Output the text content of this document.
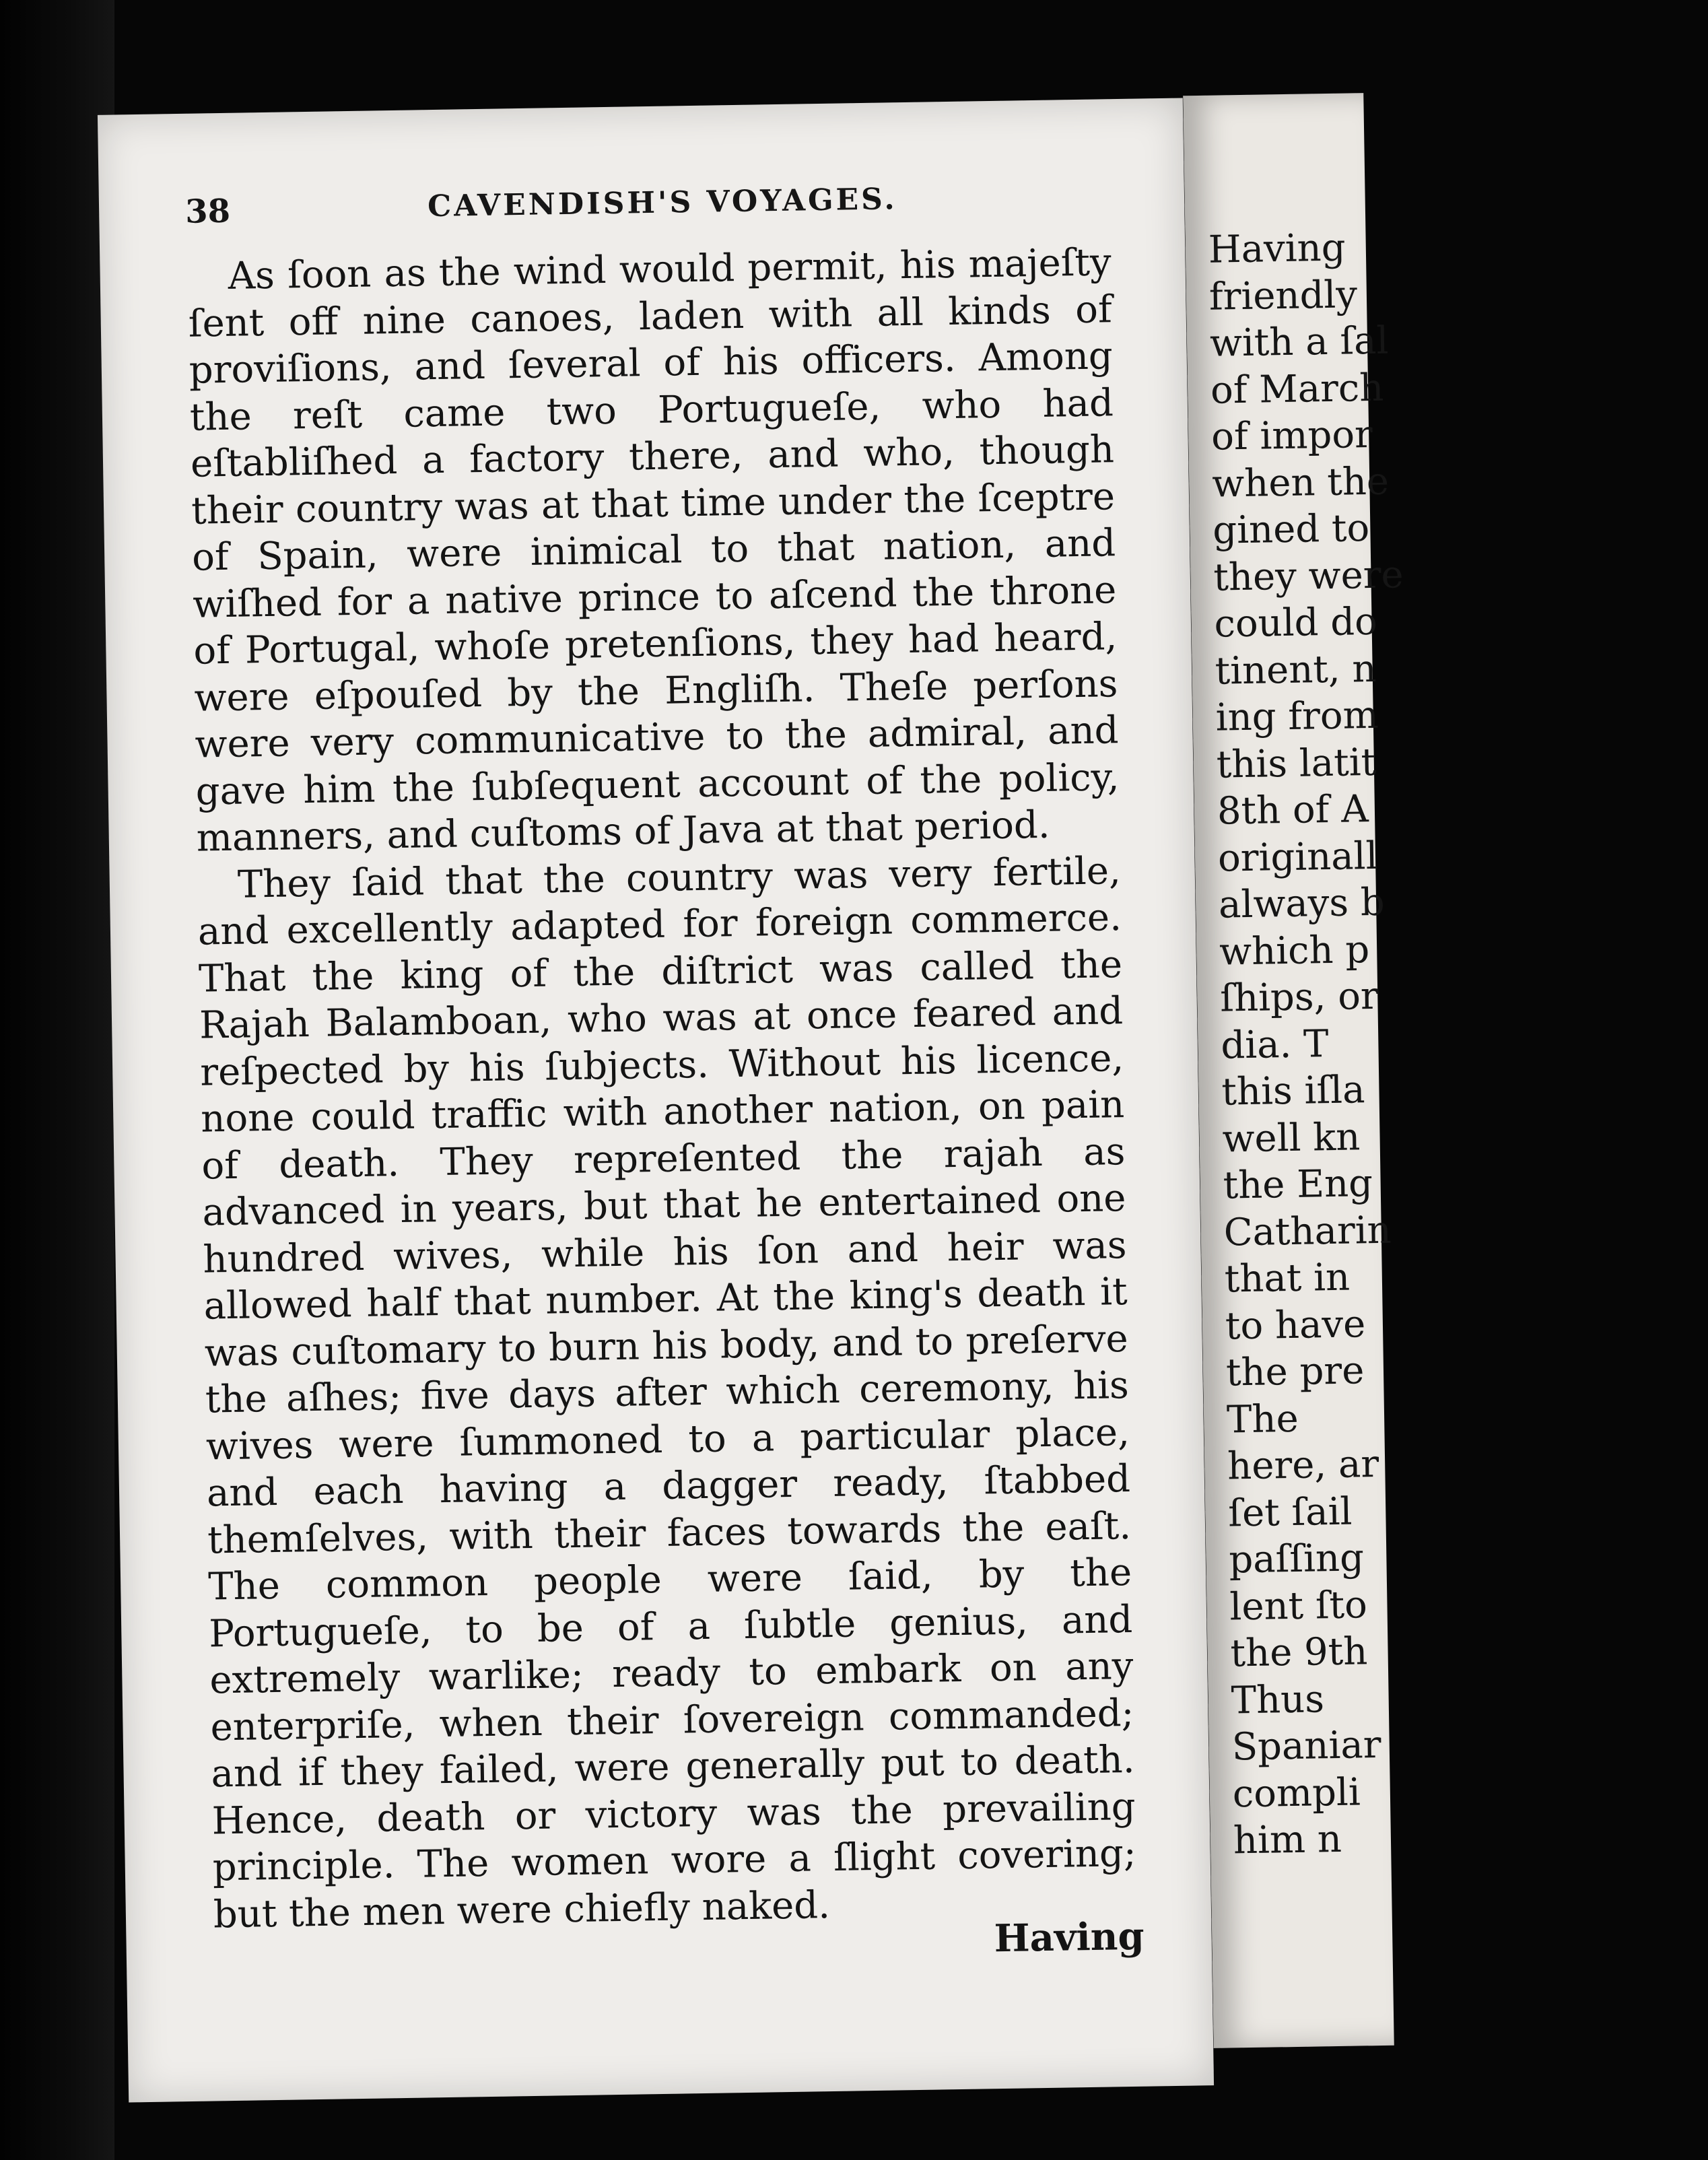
38	CAVENDISH'S VOYAGES.

As ſoon as the wind would permit, his majeſty ſent off nine canoes, laden with all kinds of proviſions, and ſeveral of his officers. Among the reſt came two Portugueſe, who had eſtabliſhed a factory there, and who, though their country was at that time under the ſceptre of Spain, were inimical to that nation, and wiſhed for a native prince to aſcend the throne of Portugal, whoſe pretenſions, they had heard, were eſpouſed by the Engliſh. Theſe perſons were very communicative to the admiral, and gave him the ſubſequent account of the policy, manners, and cuſtoms of Java at that period.

They ſaid that the country was very fertile, and excellently adapted for foreign commerce. That the king of the diſtrict was called the Rajah Balamboan, who was at once feared and reſpected by his ſubjects. Without his licence, none could traffic with another nation, on pain of death. They repreſented the rajah as advanced in years, but that he entertained one hundred wives, while his ſon and heir was allowed half that number. At the king's death it was cuſtomary to burn his body, and to preſerve the aſhes; five days after which ceremony, his wives were ſummoned to a particular place, and each having a dagger ready, ſtabbed themſelves, with their faces towards the eaſt. The common people were ſaid, by the Portugueſe, to be of a ſubtle genius, and extremely warlike; ready to embark on any enterpriſe, when their ſovereign commanded; and if they failed, were generally put to death. Hence, death or victory was the prevailing principle. The women wore a ſlight covering; but the men were chiefly naked.

Having
Having
friendly
with a ſal
of March
of impor
when the
gined to
they were
could do
tinent, n
ing from
this latit
8th of A
originall
always b
which p
ſhips, or
dia. T
this iſla
well kn
the Eng
Catharin
that in
to have
the pre
The
here, ar
ſet ſail
paſſing
lent ſto
the 9th
Thus
Spaniar
compli
him n
